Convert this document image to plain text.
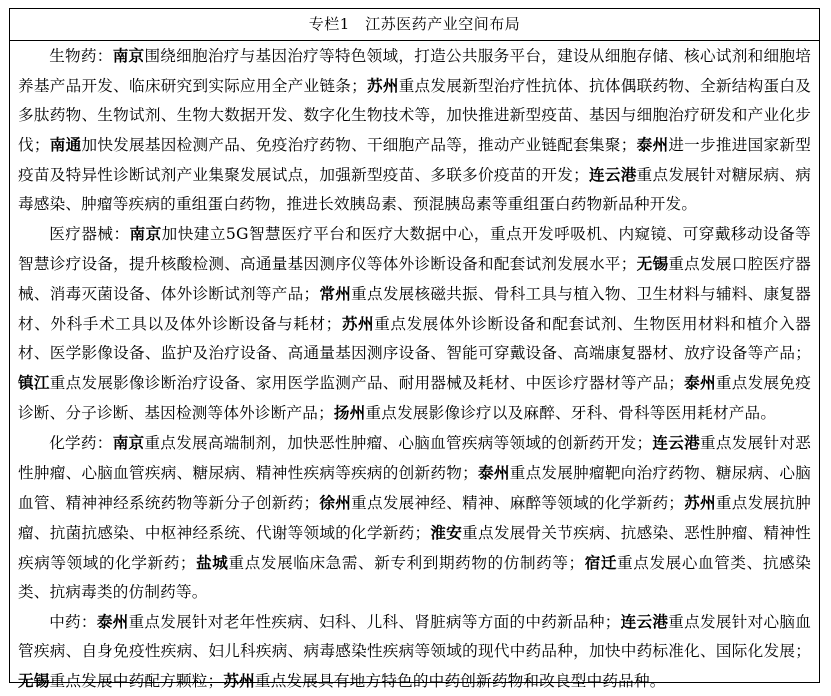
专栏1　江苏医药产业空间布局

生物药：南京围绕细胞治疗与基因治疗等特色领域，打造公共服务平台，建设从细胞存储、核心试剂和细胞培养基产品开发、临床研究到实际应用全产业链条；苏州重点发展新型治疗性抗体、抗体偶联药物、全新结构蛋白及多肽药物、生物试剂、生物大数据开发、数字化生物技术等，加快推进新型疫苗、基因与细胞治疗研发和产业化步伐；南通加快发展基因检测产品、免疫治疗药物、干细胞产品等，推动产业链配套集聚；泰州进一步推进国家新型疫苗及特异性诊断试剂产业集聚发展试点，加强新型疫苗、多联多价疫苗的开发；连云港重点发展针对糖尿病、病毒感染、肿瘤等疾病的重组蛋白药物，推进长效胰岛素、预混胰岛素等重组蛋白药物新品种开发。

医疗器械：南京加快建立5G智慧医疗平台和医疗大数据中心，重点开发呼吸机、内窥镜、可穿戴移动设备等智慧诊疗设备，提升核酸检测、高通量基因测序仪等体外诊断设备和配套试剂发展水平；无锡重点发展口腔医疗器械、消毒灭菌设备、体外诊断试剂等产品；常州重点发展核磁共振、骨科工具与植入物、卫生材料与辅料、康复器材、外科手术工具以及体外诊断设备与耗材；苏州重点发展体外诊断设备和配套试剂、生物医用材料和植介入器材、医学影像设备、监护及治疗设备、高通量基因测序设备、智能可穿戴设备、高端康复器材、放疗设备等产品；镇江重点发展影像诊断治疗设备、家用医学监测产品、耐用器械及耗材、中医诊疗器材等产品；泰州重点发展免疫诊断、分子诊断、基因检测等体外诊断产品；扬州重点发展影像诊疗以及麻醉、牙科、骨科等医用耗材产品。

化学药：南京重点发展高端制剂，加快恶性肿瘤、心脑血管疾病等领域的创新药开发；连云港重点发展针对恶性肿瘤、心脑血管疾病、糖尿病、精神性疾病等疾病的创新药物；泰州重点发展肿瘤靶向治疗药物、糖尿病、心脑血管、精神神经系统药物等新分子创新药；徐州重点发展神经、精神、麻醉等领域的化学新药；苏州重点发展抗肿瘤、抗菌抗感染、中枢神经系统、代谢等领域的化学新药；淮安重点发展骨关节疾病、抗感染、恶性肿瘤、精神性疾病等领域的化学新药；盐城重点发展临床急需、新专利到期药物的仿制药等；宿迁重点发展心血管类、抗感染类、抗病毒类的仿制药等。

中药：泰州重点发展针对老年性疾病、妇科、儿科、肾脏病等方面的中药新品种；连云港重点发展针对心脑血管疾病、自身免疫性疾病、妇儿科疾病、病毒感染性疾病等领域的现代中药品种，加快中药标准化、国际化发展；无锡重点发展中药配方颗粒；苏州重点发展具有地方特色的中药创新药物和改良型中药品种。
